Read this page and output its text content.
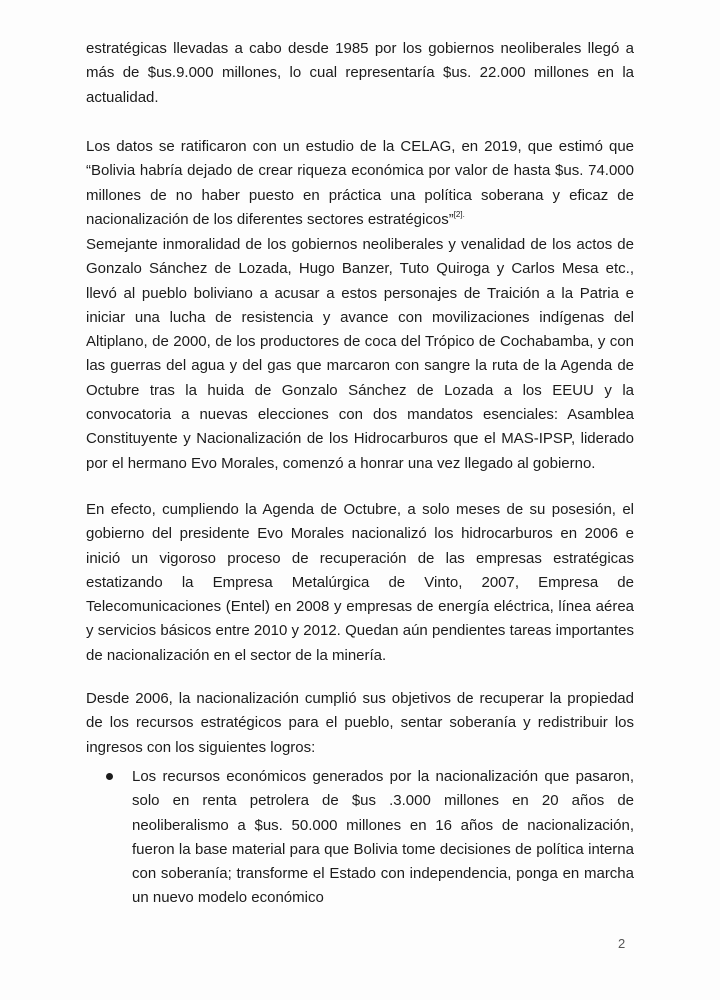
estratégicas llevadas a cabo desde 1985 por los gobiernos neoliberales llegó a más de $us.9.000 millones, lo cual representaría $us. 22.000 millones en la actualidad.

Los datos se ratificaron con un estudio de la CELAG, en 2019, que estimó que “Bolivia habría dejado de crear riqueza económica por valor de hasta $us. 74.000 millones de no haber puesto en práctica una política soberana y eficaz de nacionalización de los diferentes sectores estratégicos”$^{[2].}$

Semejante inmoralidad de los gobiernos neoliberales y venalidad de los actos de Gonzalo Sánchez de Lozada, Hugo Banzer, Tuto Quiroga y Carlos Mesa etc., llevó al pueblo boliviano a acusar a estos personajes de Traición a la Patria e iniciar una lucha de resistencia y avance con movilizaciones indígenas del Altiplano, de 2000, de los productores de coca del Trópico de Cochabamba, y con las guerras del agua y del gas que marcaron con sangre la ruta de la Agenda de Octubre tras la huida de Gonzalo Sánchez de Lozada a los EEUU y la convocatoria a nuevas elecciones con dos mandatos esenciales: Asamblea Constituyente y Nacionalización de los Hidrocarburos que el MAS-IPSP, liderado por el hermano Evo Morales, comenzó a honrar una vez llegado al gobierno.

En efecto, cumpliendo la Agenda de Octubre, a solo meses de su posesión, el gobierno del presidente Evo Morales nacionalizó los hidrocarburos en 2006 e inició un vigoroso proceso de recuperación de las empresas estratégicas estatizando la Empresa Metalúrgica de Vinto, 2007, Empresa de Telecomunicaciones (Entel) en 2008 y empresas de energía eléctrica, línea aérea y servicios básicos entre 2010 y 2012. Quedan aún pendientes tareas importantes de nacionalización en el sector de la minería.

Desde 2006, la nacionalización cumplió sus objetivos de recuperar la propiedad de los recursos estratégicos para el pueblo, sentar soberanía y redistribuir los ingresos con los siguientes logros:

Los recursos económicos generados por la nacionalización que pasaron, solo en renta petrolera de $us .3.000 millones en 20 años de neoliberalismo a $us. 50.000 millones en 16 años de nacionalización, fueron la base material para que Bolivia tome decisiones de política interna con soberanía; transforme el Estado con independencia, ponga en marcha un nuevo modelo económico
2
